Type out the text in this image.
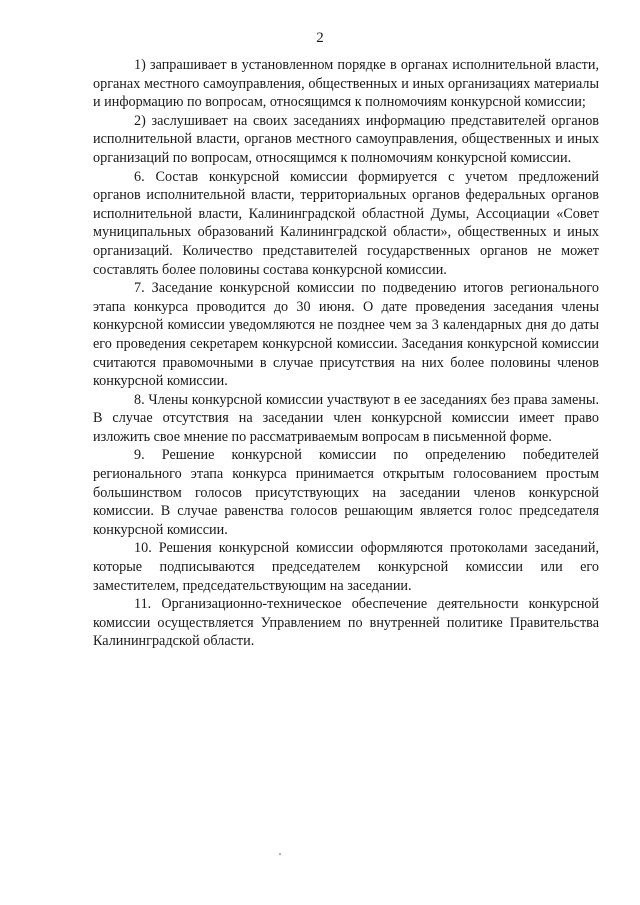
2

1) запрашивает в установленном порядке в органах исполнительной власти, органах местного самоуправления, общественных и иных организациях материалы и информацию по вопросам, относящимся к полномочиям конкурсной комиссии;

2) заслушивает на своих заседаниях информацию представителей органов исполнительной власти, органов местного самоуправления, общественных и иных организаций по вопросам, относящимся к полномочиям конкурсной комиссии.

6. Состав конкурсной комиссии формируется с учетом предложений органов исполнительной власти, территориальных органов федеральных органов исполнительной власти, Калининградской областной Думы, Ассоциации «Совет муниципальных образований Калининградской области», общественных и иных организаций. Количество представителей государственных органов не может составлять более половины состава конкурсной комиссии.

7. Заседание конкурсной комиссии по подведению итогов регионального этапа конкурса проводится до 30 июня. О дате проведения заседания члены конкурсной комиссии уведомляются не позднее чем за 3 календарных дня до даты его проведения секретарем конкурсной комиссии. Заседания конкурсной комиссии считаются правомочными в случае присутствия на них более половины членов конкурсной комиссии.

8. Члены конкурсной комиссии участвуют в ее заседаниях без права замены. В случае отсутствия на заседании член конкурсной комиссии имеет право изложить свое мнение по рассматриваемым вопросам в письменной форме.

9. Решение конкурсной комиссии по определению победителей регионального этапа конкурса принимается открытым голосованием простым большинством голосов присутствующих на заседании членов конкурсной комиссии. В случае равенства голосов решающим является голос председателя конкурсной комиссии.

10. Решения конкурсной комиссии оформляются протоколами заседаний, которые подписываются председателем конкурсной комиссии или его заместителем, председательствующим на заседании.

11. Организационно-техническое обеспечение деятельности конкурсной комиссии осуществляется Управлением по внутренней политике Правительства Калининградской области.
